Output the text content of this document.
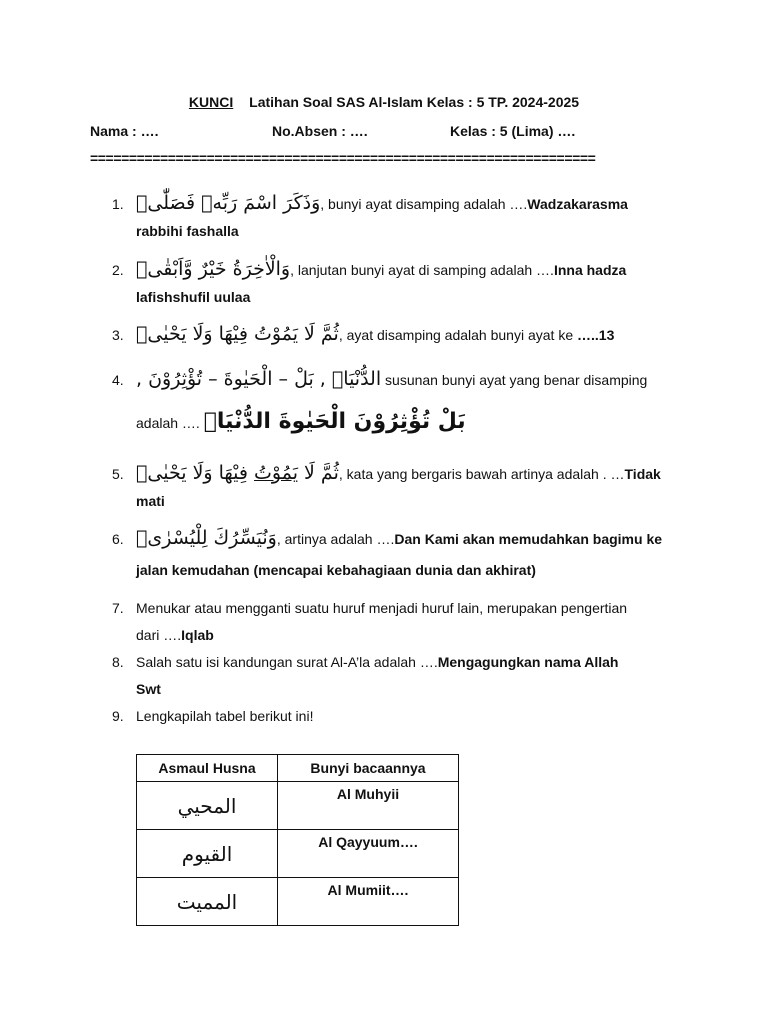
KUNCI Latihan Soal SAS Al-Islam Kelas : 5 TP. 2024-2025
Nama : ….	No.Absen : ….	Kelas : 5 (Lima) ….
=================================================================
1. وَذَكَرَ اسْمَ رَبِّهٖ فَصَلّٰىۗ, bunyi ayat disamping adalah ….Wadzakarasma
rabbihi fashalla
2. وَالْاٰخِرَةُ خَيْرٌ وَّاَبْقٰىۗ, lanjutan bunyi ayat di samping adalah ….Inna hadza
lafishshufil uulaa
3. ثُمَّ لَا يَمُوْتُ فِيْهَا وَلَا يَحْيٰىۗ, ayat disamping adalah bunyi ayat ke …..13
4. الدُّنْيَاۖ , بَلْ – الْحَيٰوةَ – تُؤْثِرُوْنَ , susunan bunyi ayat yang benar disamping
adalah …. بَلْ تُؤْثِرُوْنَ الْحَيٰوةَ الدُّنْيَاۖ
5.	ثُمَّ لَا يَمُوْتُ فِيْهَا وَلَا يَحْيٰىۗ	, kata yang bergaris bawah artinya adalah . …Tidak
mati
6. وَنُيَسِّرُكَ لِلْيُسْرٰىۖ, artinya adalah ….Dan Kami akan memudahkan bagimu ke
jalan kemudahan (mencapai kebahagiaan dunia dan akhirat)
7. Menukar atau mengganti suatu huruf menjadi huruf lain, merupakan pengertian
dari ….Iqlab
8. Salah satu isi kandungan surat Al-A’la adalah ….Mengagungkan nama Allah
Swt
9. Lengkapilah tabel berikut ini!
Asmaul Husna	Bunyi bacaannya
المحيي	Al Muhyii
القيوم	Al Qayyuum….
المميت	Al Mumiit….
